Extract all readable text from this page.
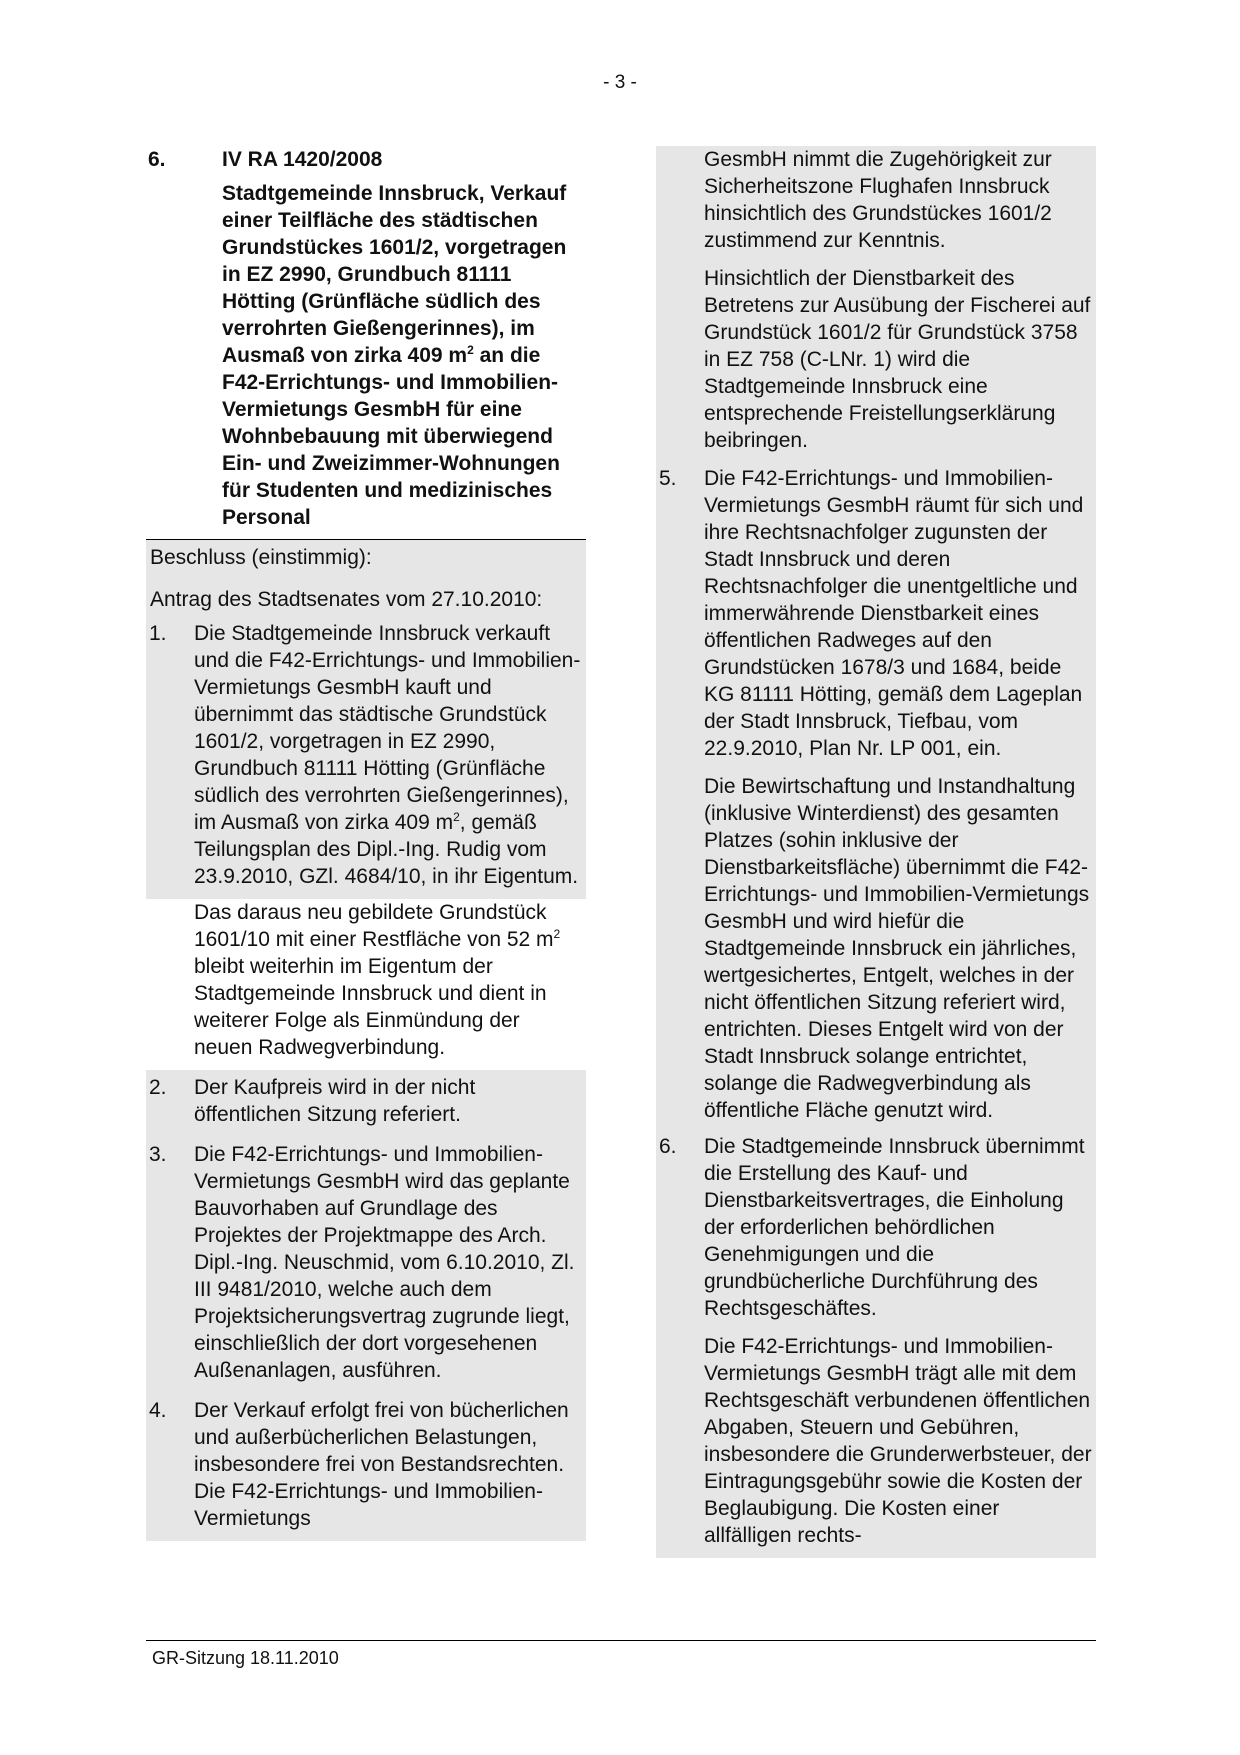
- 3 -
6.	IV RA 1420/2008

Stadtgemeinde Innsbruck, Verkauf einer Teilfläche des städtischen Grundstückes 1601/2, vorgetragen in EZ 2990, Grundbuch 81111 Hötting (Grünfläche südlich des verrohrten Gießengerinnes), im Ausmaß von zirka 409 $m^2$ an die F42-Errichtungs- und Immobilien-Vermietungs GesmbH für eine Wohnbebauung mit überwiegend Ein- und Zweizimmer-Wohnungen für Studenten und medizinisches Personal

Beschluss (einstimmig):

Antrag des Stadtsenates vom 27.10.2010:

1. Die Stadtgemeinde Innsbruck verkauft und die F42-Errichtungs- und Immobilien-Vermietungs GesmbH kauft und übernimmt das städtische Grundstück 1601/2, vorgetragen in EZ 2990, Grundbuch 81111 Hötting (Grünfläche südlich des verrohrten Gießengerinnes), im Ausmaß von zirka 409 $m^2$, gemäß Teilungsplan des Dipl.-Ing. Rudig vom 23.9.2010, GZl. 4684/10, in ihr Eigentum.

Das daraus neu gebildete Grundstück 1601/10 mit einer Restfläche von 52 $m^2$ bleibt weiterhin im Eigentum der Stadtgemeinde Innsbruck und dient in weiterer Folge als Einmündung der neuen Radwegverbindung.

2. Der Kaufpreis wird in der nicht öffentlichen Sitzung referiert.

3. Die F42-Errichtungs- und Immobilien-Vermietungs GesmbH wird das geplante Bauvorhaben auf Grundlage des Projektes der Projektmappe des Arch. Dipl.-Ing. Neuschmid, vom 6.10.2010, Zl. III 9481/2010, welche auch dem Projektsicherungsvertrag zugrunde liegt, einschließlich der dort vorgesehenen Außenanlagen, ausführen.

4. Der Verkauf erfolgt frei von bücherlichen und außerbücherlichen Belastungen, insbesondere frei von Bestandsrechten. Die F42-Errichtungs- und Immobilien-Vermietungs

GesmbH nimmt die Zugehörigkeit zur Sicherheitszone Flughafen Innsbruck hinsichtlich des Grundstückes 1601/2 zustimmend zur Kenntnis.

Hinsichtlich der Dienstbarkeit des Betretens zur Ausübung der Fischerei auf Grundstück 1601/2 für Grundstück 3758 in EZ 758 (C-LNr. 1) wird die Stadtgemeinde Innsbruck eine entsprechende Freistellungserklärung beibringen.

5. Die F42-Errichtungs- und Immobilien-Vermietungs GesmbH räumt für sich und ihre Rechtsnachfolger zugunsten der Stadt Innsbruck und deren Rechtsnachfolger die unentgeltliche und immerwährende Dienstbarkeit eines öffentlichen Radweges auf den Grundstücken 1678/3 und 1684, beide KG 81111 Hötting, gemäß dem Lageplan der Stadt Innsbruck, Tiefbau, vom 22.9.2010, Plan Nr. LP 001, ein.

Die Bewirtschaftung und Instandhaltung (inklusive Winterdienst) des gesamten Platzes (sohin inklusive der Dienstbarkeitsfläche) übernimmt die F42-Errichtungs- und Immobilien-Vermietungs GesmbH und wird hiefür die Stadtgemeinde Innsbruck ein jährliches, wertgesichertes, Entgelt, welches in der nicht öffentlichen Sitzung referiert wird, entrichten. Dieses Entgelt wird von der Stadt Innsbruck solange entrichtet, solange die Radwegverbindung als öffentliche Fläche genutzt wird.

6. Die Stadtgemeinde Innsbruck übernimmt die Erstellung des Kauf- und Dienstbarkeitsvertrages, die Einholung der erforderlichen behördlichen Genehmigungen und die grundbücherliche Durchführung des Rechtsgeschäftes.

Die F42-Errichtungs- und Immobilien-Vermietungs GesmbH trägt alle mit dem Rechtsgeschäft verbundenen öffentlichen Abgaben, Steuern und Gebühren, insbesondere die Grunderwerbsteuer, der Eintragungsgebühr sowie die Kosten der Beglaubigung. Die Kosten einer allfälligen rechts-

GR-Sitzung 18.11.2010
